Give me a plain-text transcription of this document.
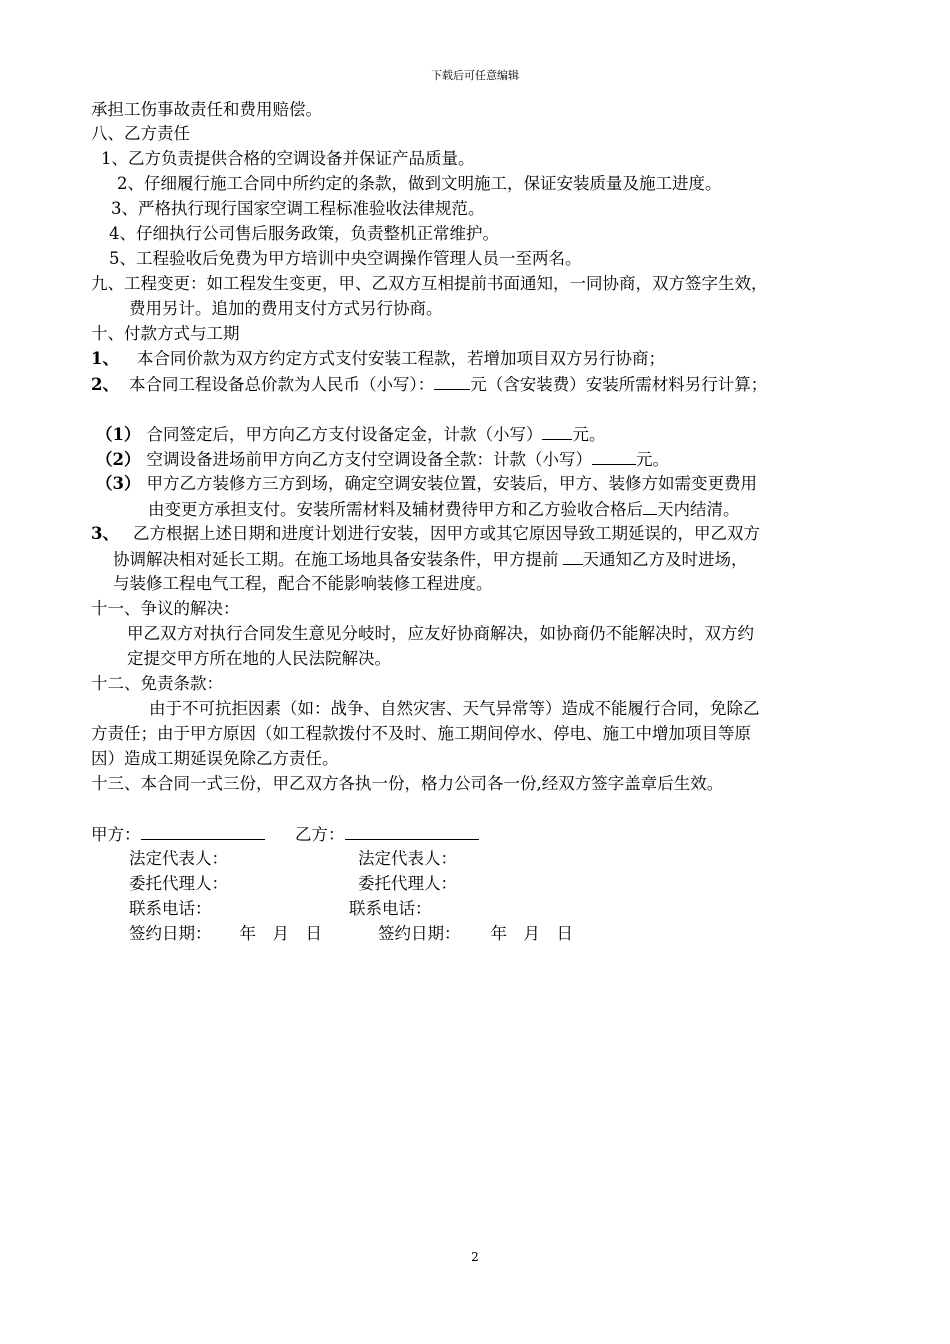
下载后可任意编辑
承担工伤事故责任和费用赔偿。
八、乙方责任
1、乙方负责提供合格的空调设备并保证产品质量。
2、仔细履行施工合同中所约定的条款，做到文明施工，保证安装质量及施工进度。
3、严格执行现行国家空调工程标准验收法律规范。
4、仔细执行公司售后服务政策，负责整机正常维护。
5、工程验收后免费为甲方培训中央空调操作管理人员一至两名。
九、工程变更：如工程发生变更，甲、乙双方互相提前书面通知，一同协商，双方签字生效，
费用另计。追加的费用支付方式另行协商。
十、付款方式与工期
1、 本合同价款为双方约定方式支付安装工程款，若增加项目双方另行协商；
2、 本合同工程设备总价款为人民币（小写）： 元（含安装费）安装所需材料另行计算；
（1） 合同签定后，甲方向乙方支付设备定金，计款（小写） 元。
（2） 空调设备进场前甲方向乙方支付空调设备全款：计款（小写）	元。
（3） 甲方乙方装修方三方到场，确定空调安装位置，安装后，甲方、装修方如需变更费用
由变更方承担支付。安装所需材料及辅材费待甲方和乙方验收合格后 天内结清。
3、 乙方根据上述日期和进度计划进行安装，因甲方或其它原因导致工期延误的，甲乙双方
协调解决相对延长工期。在施工场地具备安装条件，甲方提前 天通知乙方及时进场，
与装修工程电气工程，配合不能影响装修工程进度。
十一、争议的解决：
甲乙双方对执行合同发生意见分岐时，应友好协商解决，如协商仍不能解决时，双方约
定提交甲方所在地的人民法院解决。
十二、免责条款：
由于不可抗拒因素（如：战争、自然灾害、天气异常等）造成不能履行合同，免除乙
方责任；由于甲方原因（如工程款拨付不及时、施工期间停水、停电、施工中增加项目等原
因）造成工期延误免除乙方责任。
十三、本合同一式三份，甲乙双方各执一份，格力公司各一份,经双方签字盖章后生效。
甲方：	乙方：
法定代表人：	法定代表人：
委托代理人：	委托代理人：
联系电话：	联系电话：
签约日期： 年　月　日	签约日期： 年　月　日
2
